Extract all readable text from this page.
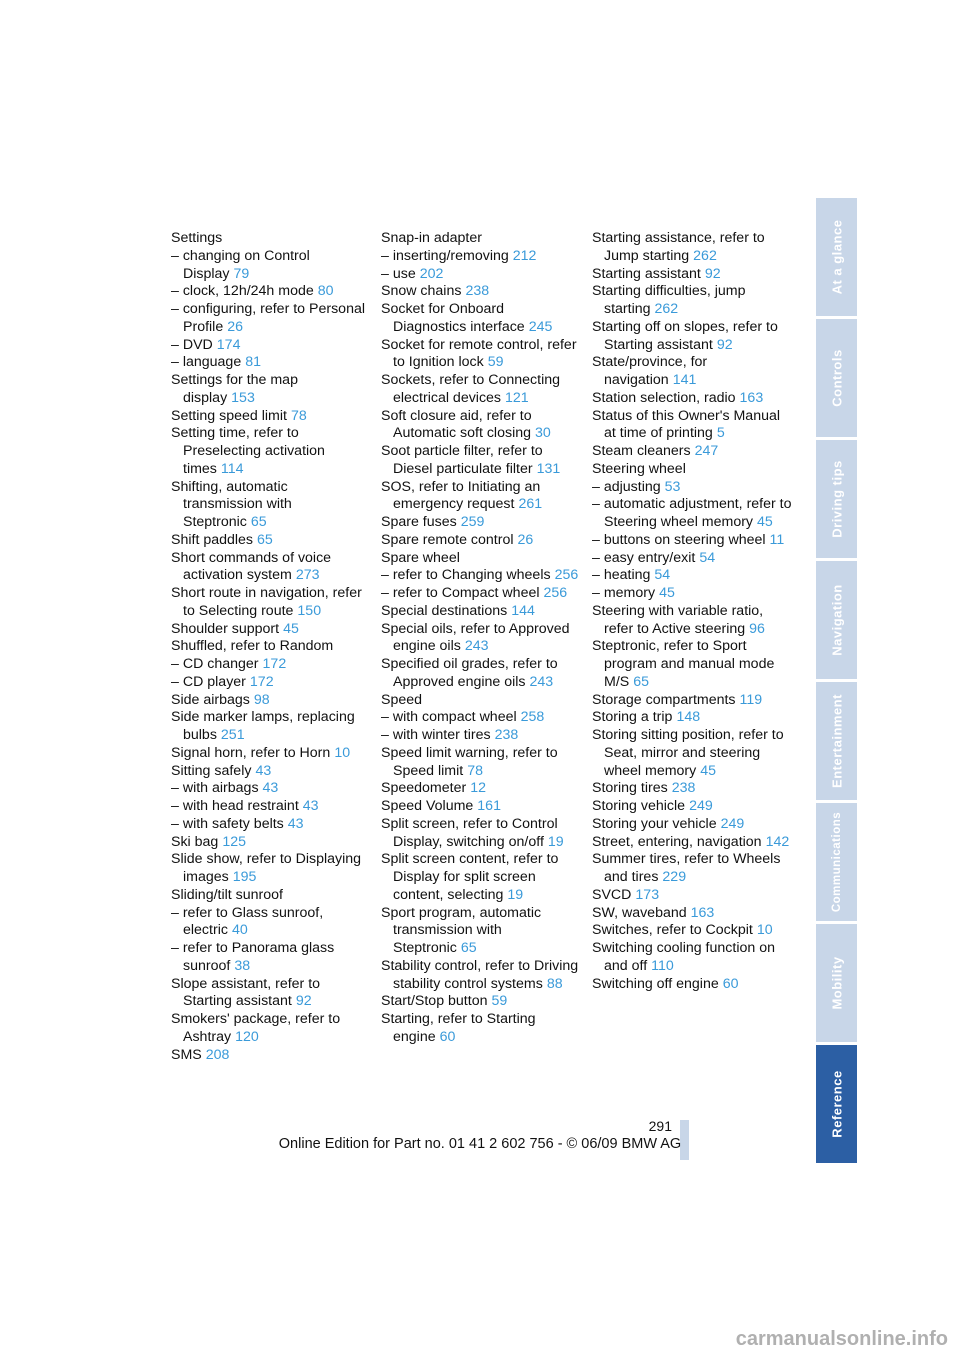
Settings
– changing on Control Display 79
– clock, 12h/24h mode 80
– configuring, refer to Personal Profile 26
– DVD 174
– language 81
Settings for the map display 153
Setting speed limit 78
Setting time, refer to Preselecting activation times 114
Shifting, automatic transmission with Steptronic 65
Shift paddles 65
Short commands of voice activation system 273
Short route in navigation, refer to Selecting route 150
Shoulder support 45
Shuffled, refer to Random
– CD changer 172
– CD player 172
Side airbags 98
Side marker lamps, replacing bulbs 251
Signal horn, refer to Horn 10
Sitting safely 43
– with airbags 43
– with head restraint 43
– with safety belts 43
Ski bag 125
Slide show, refer to Displaying images 195
Sliding/tilt sunroof
– refer to Glass sunroof, electric 40
– refer to Panorama glass sunroof 38
Slope assistant, refer to Starting assistant 92
Smokers' package, refer to Ashtray 120
SMS 208
Snap-in adapter
– inserting/removing 212
– use 202
Snow chains 238
Socket for Onboard Diagnostics interface 245
Socket for remote control, refer to Ignition lock 59
Sockets, refer to Connecting electrical devices 121
Soft closure aid, refer to Automatic soft closing 30
Soot particle filter, refer to Diesel particulate filter 131
SOS, refer to Initiating an emergency request 261
Spare fuses 259
Spare remote control 26
Spare wheel
– refer to Changing wheels 256
– refer to Compact wheel 256
Special destinations 144
Special oils, refer to Approved engine oils 243
Specified oil grades, refer to Approved engine oils 243
Speed
– with compact wheel 258
– with winter tires 238
Speed limit warning, refer to Speed limit 78
Speedometer 12
Speed Volume 161
Split screen, refer to Control Display, switching on/off 19
Split screen content, refer to Display for split screen content, selecting 19
Sport program, automatic transmission with Steptronic 65
Stability control, refer to Driving stability control systems 88
Start/Stop button 59
Starting, refer to Starting engine 60
Starting assistance, refer to Jump starting 262
Starting assistant 92
Starting difficulties, jump starting 262
Starting off on slopes, refer to Starting assistant 92
State/province, for navigation 141
Station selection, radio 163
Status of this Owner's Manual at time of printing 5
Steam cleaners 247
Steering wheel
– adjusting 53
– automatic adjustment, refer to Steering wheel memory 45
– buttons on steering wheel 11
– easy entry/exit 54
– heating 54
– memory 45
Steering with variable ratio, refer to Active steering 96
Steptronic, refer to Sport program and manual mode M/S 65
Storage compartments 119
Storing a trip 148
Storing sitting position, refer to Seat, mirror and steering wheel memory 45
Storing tires 238
Storing vehicle 249
Storing your vehicle 249
Street, entering, navigation 142
Summer tires, refer to Wheels and tires 229
SVCD 173
SW, waveband 163
Switches, refer to Cockpit 10
Switching cooling function on and off 110
Switching off engine 60
At a glance
Controls
Driving tips
Navigation
Entertainment
Communications
Mobility
Reference
291
Online Edition for Part no. 01 41 2 602 756 - © 06/09 BMW AG
carmanualsonline.info
